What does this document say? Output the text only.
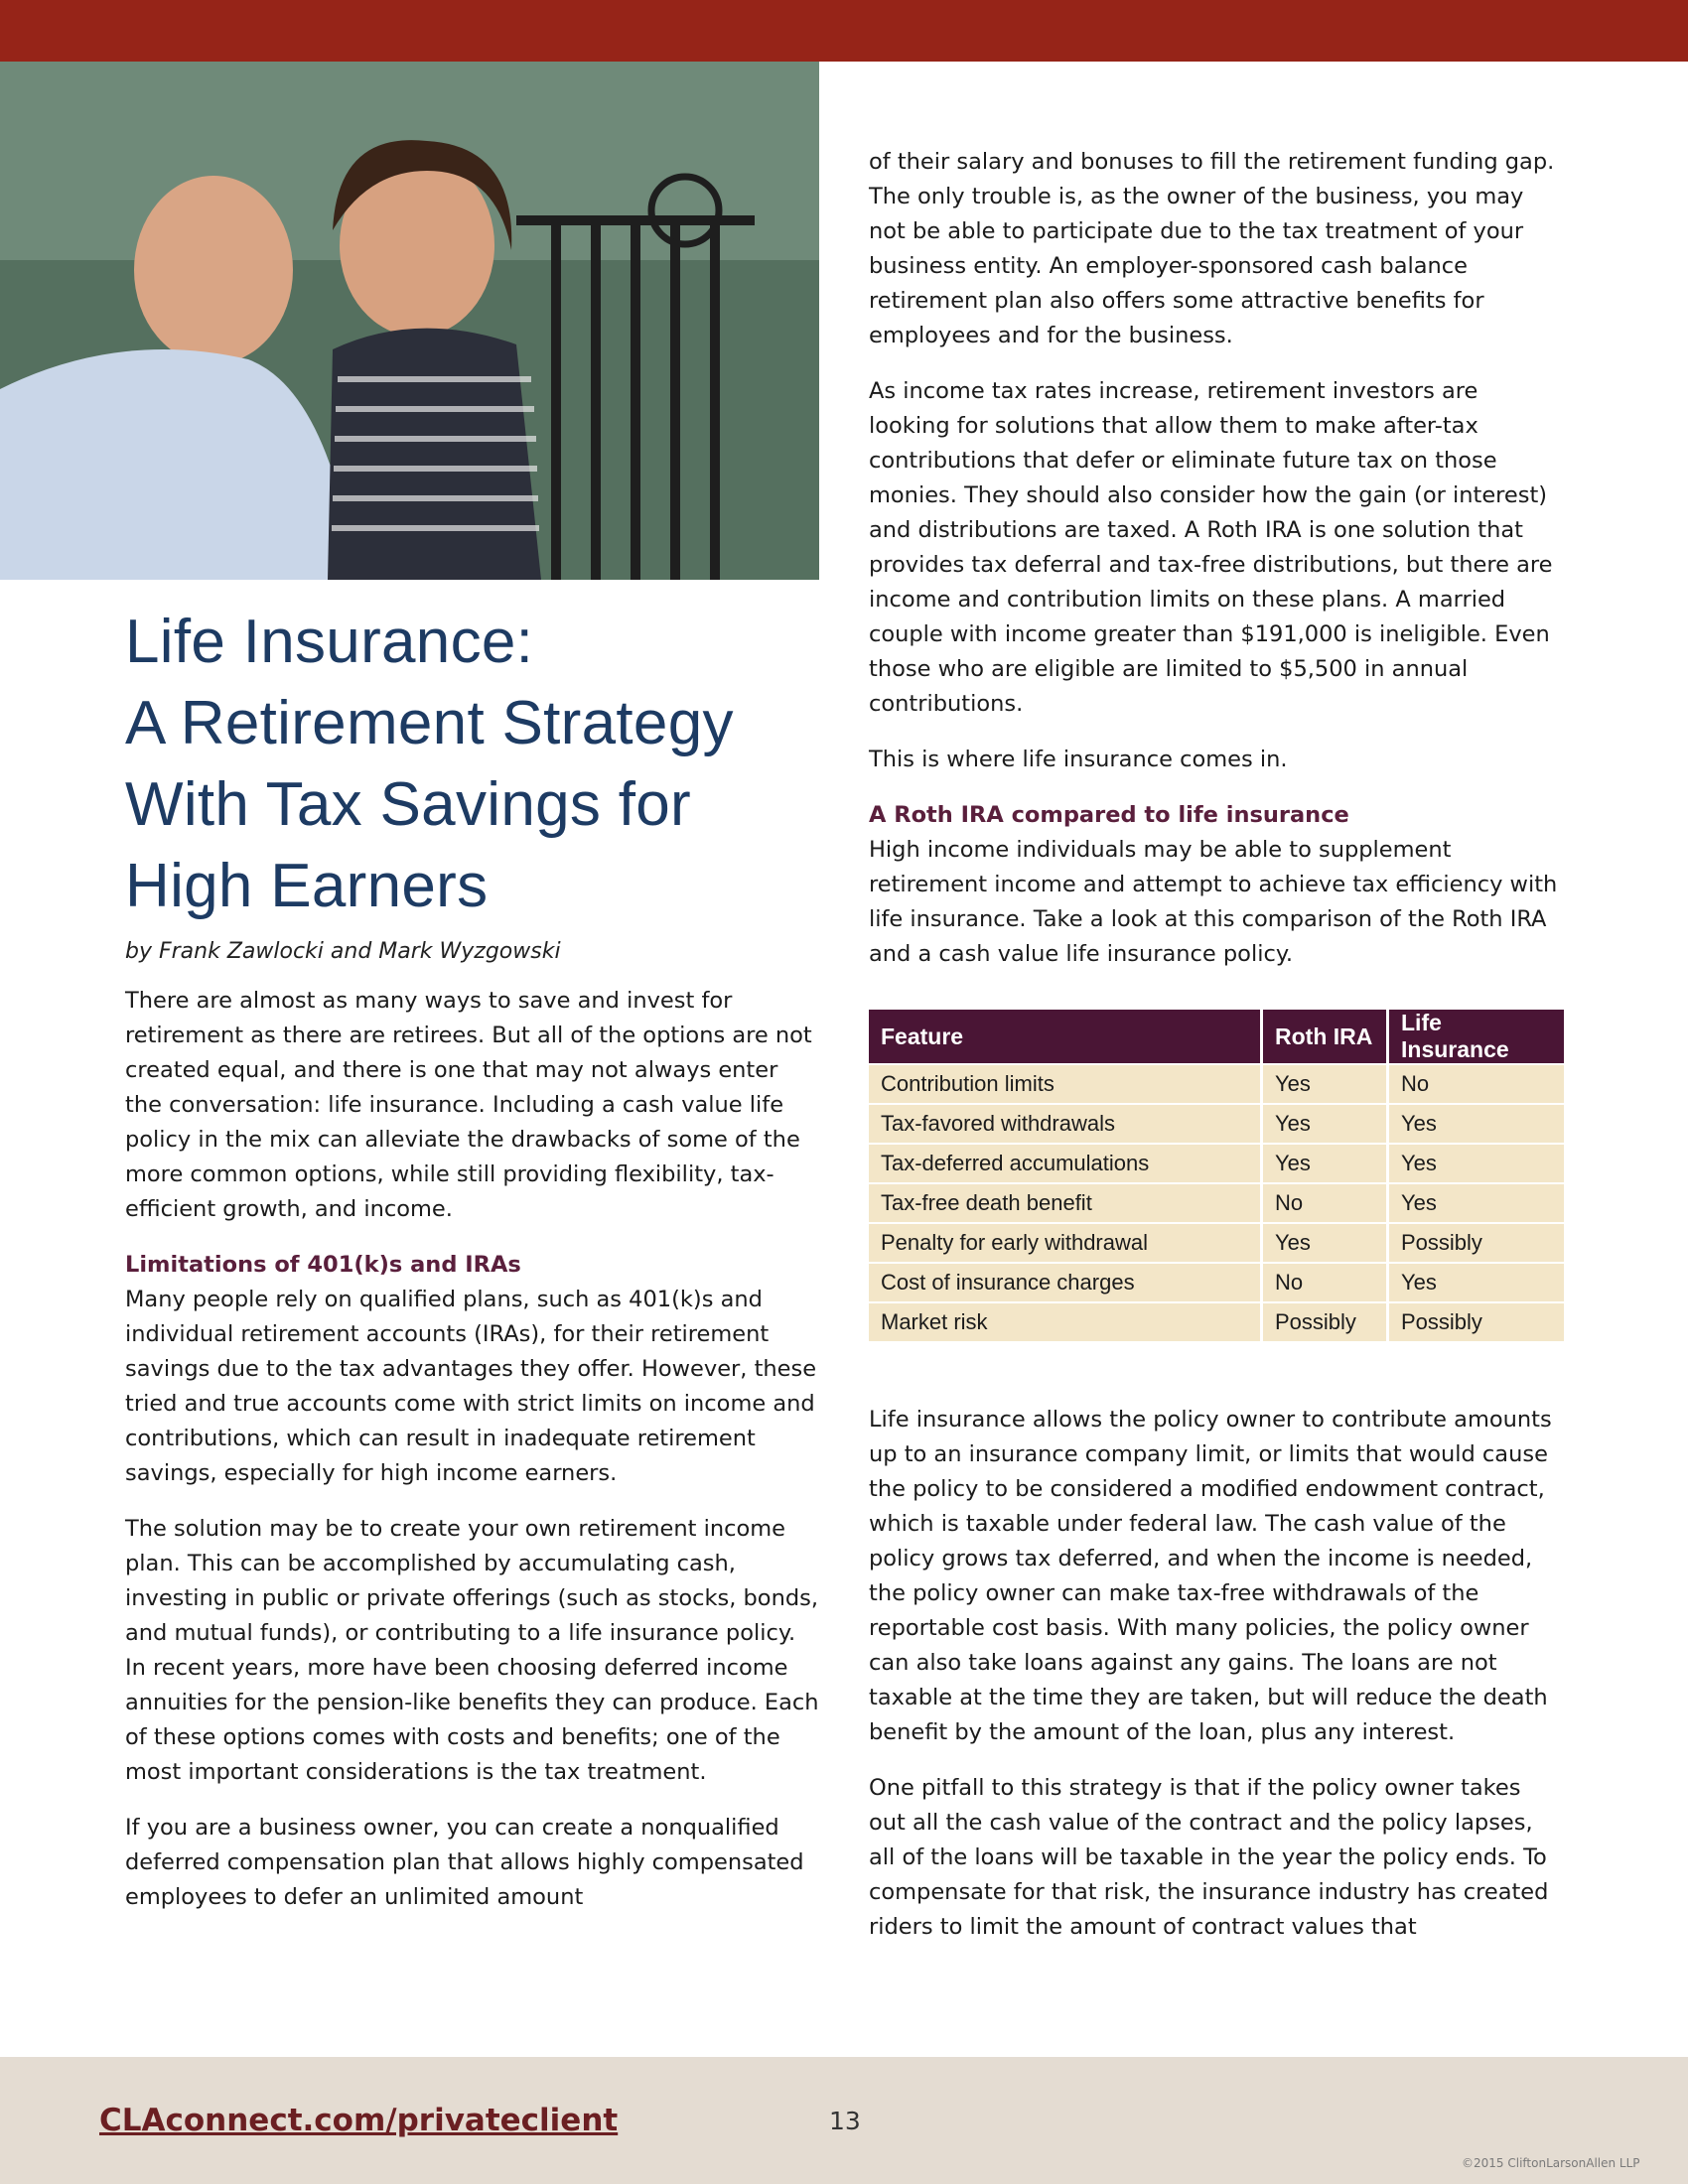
Life Insurance:
A Retirement Strategy
With Tax Savings for
High Earners
by Frank Zawlocki and Mark Wyzgowski

There are almost as many ways to save and invest for retirement as there are retirees. But all of the options are not created equal, and there is one that may not always enter the conversation: life insurance. Including a cash value life policy in the mix can alleviate the drawbacks of some of the more common options, while still providing flexibility, tax-efficient growth, and income.

Limitations of 401(k)s and IRAs

Many people rely on qualified plans, such as 401(k)s and individual retirement accounts (IRAs), for their retirement savings due to the tax advantages they offer. However, these tried and true accounts come with strict limits on income and contributions, which can result in inadequate retirement savings, especially for high income earners.

The solution may be to create your own retirement income plan. This can be accomplished by accumulating cash, investing in public or private offerings (such as stocks, bonds, and mutual funds), or contributing to a life insurance policy. In recent years, more have been choosing deferred income annuities for the pension-like benefits they can produce. Each of these options comes with costs and benefits; one of the most important considerations is the tax treatment.

If you are a business owner, you can create a nonqualified deferred compensation plan that allows highly compensated employees to defer an unlimited amount

of their salary and bonuses to fill the retirement funding gap. The only trouble is, as the owner of the business, you may not be able to participate due to the tax treatment of your business entity. An employer-sponsored cash balance retirement plan also offers some attractive benefits for employees and for the business.

As income tax rates increase, retirement investors are looking for solutions that allow them to make after-tax contributions that defer or eliminate future tax on those monies. They should also consider how the gain (or interest) and distributions are taxed. A Roth IRA is one solution that provides tax deferral and tax-free distributions, but there are income and contribution limits on these plans. A married couple with income greater than $191,000 is ineligible. Even those who are eligible are limited to $5,500 in annual contributions.

This is where life insurance comes in.

A Roth IRA compared to life insurance

High income individuals may be able to supplement retirement income and attempt to achieve tax efficiency with life insurance. Take a look at this comparison of the Roth IRA and a cash value life insurance policy.

Feature	Roth IRA	Life Insurance
Contribution limits	Yes	No
Tax-favored withdrawals	Yes	Yes
Tax-deferred accumulations	Yes	Yes
Tax-free death benefit	No	Yes
Penalty for early withdrawal	Yes	Possibly
Cost of insurance charges	No	Yes
Market risk	Possibly	Possibly

Life insurance allows the policy owner to contribute amounts up to an insurance company limit, or limits that would cause the policy to be considered a modified endowment contract, which is taxable under federal law. The cash value of the policy grows tax deferred, and when the income is needed, the policy owner can make tax-free withdrawals of the reportable cost basis. With many policies, the policy owner can also take loans against any gains. The loans are not taxable at the time they are taken, but will reduce the death benefit by the amount of the loan, plus any interest.

One pitfall to this strategy is that if the policy owner takes out all the cash value of the contract and the policy lapses, all of the loans will be taxable in the year the policy ends. To compensate for that risk, the insurance industry has created riders to limit the amount of contract values that

CLAconnect.com/privateclient	13
©2015 CliftonLarsonAllen LLP
